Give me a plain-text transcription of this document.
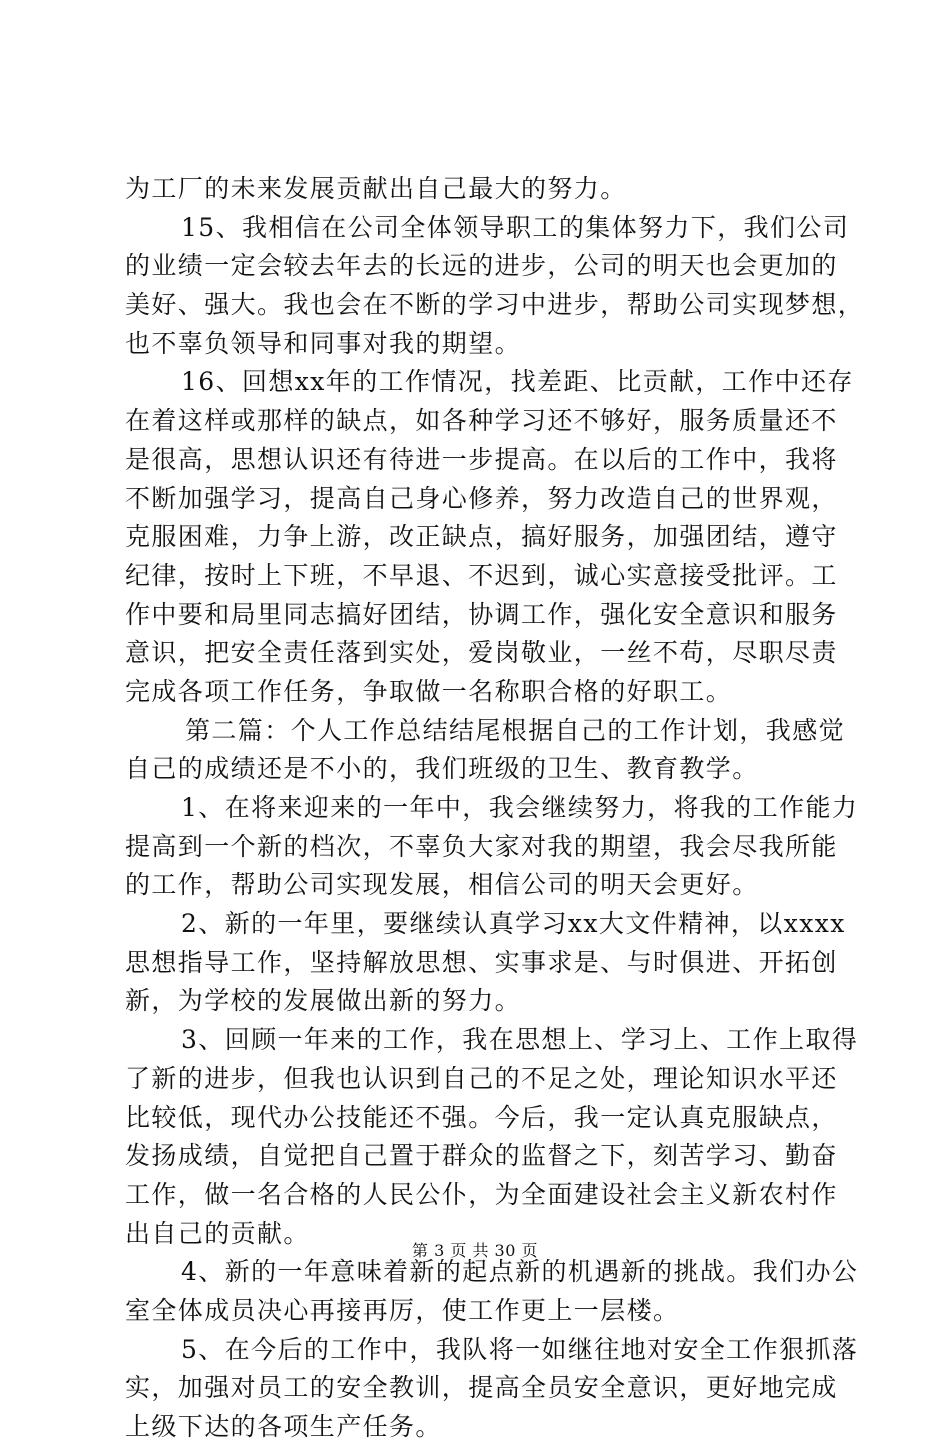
为工厂的未来发展贡献出自己最大的努力。
15、我相信在公司全体领导职工的集体努力下，我们公司
的业绩一定会较去年去的长远的进步，公司的明天也会更加的
美好、强大。我也会在不断的学习中进步，帮助公司实现梦想，
也不辜负领导和同事对我的期望。
16、回想xx年的工作情况，找差距、比贡献，工作中还存
在着这样或那样的缺点，如各种学习还不够好，服务质量还不
是很高，思想认识还有待进一步提高。在以后的工作中，我将
不断加强学习，提高自己身心修养，努力改造自己的世界观，
克服困难，力争上游，改正缺点，搞好服务，加强团结，遵守
纪律，按时上下班，不早退、不迟到，诚心实意接受批评。工
作中要和局里同志搞好团结，协调工作，强化安全意识和服务
意识，把安全责任落到实处，爱岗敬业，一丝不苟，尽职尽责
完成各项工作任务，争取做一名称职合格的好职工。
第二篇：个人工作总结结尾根据自己的工作计划，我感觉
自己的成绩还是不小的，我们班级的卫生、教育教学。
1、在将来迎来的一年中，我会继续努力，将我的工作能力
提高到一个新的档次，不辜负大家对我的期望，我会尽我所能
的工作，帮助公司实现发展，相信公司的明天会更好。
2、新的一年里，要继续认真学习xx大文件精神，以xxxx
思想指导工作，坚持解放思想、实事求是、与时俱进、开拓创
新，为学校的发展做出新的努力。
3、回顾一年来的工作，我在思想上、学习上、工作上取得
了新的进步，但我也认识到自己的不足之处，理论知识水平还
比较低，现代办公技能还不强。今后，我一定认真克服缺点，
发扬成绩，自觉把自己置于群众的监督之下，刻苦学习、勤奋
工作，做一名合格的人民公仆，为全面建设社会主义新农村作
出自己的贡献。
4、新的一年意味着新的起点新的机遇新的挑战。我们办公
室全体成员决心再接再厉，使工作更上一层楼。
5、在今后的工作中，我队将一如继往地对安全工作狠抓落
实，加强对员工的安全教训，提高全员安全意识，更好地完成
上级下达的各项生产任务。
第 3 页 共 30 页
